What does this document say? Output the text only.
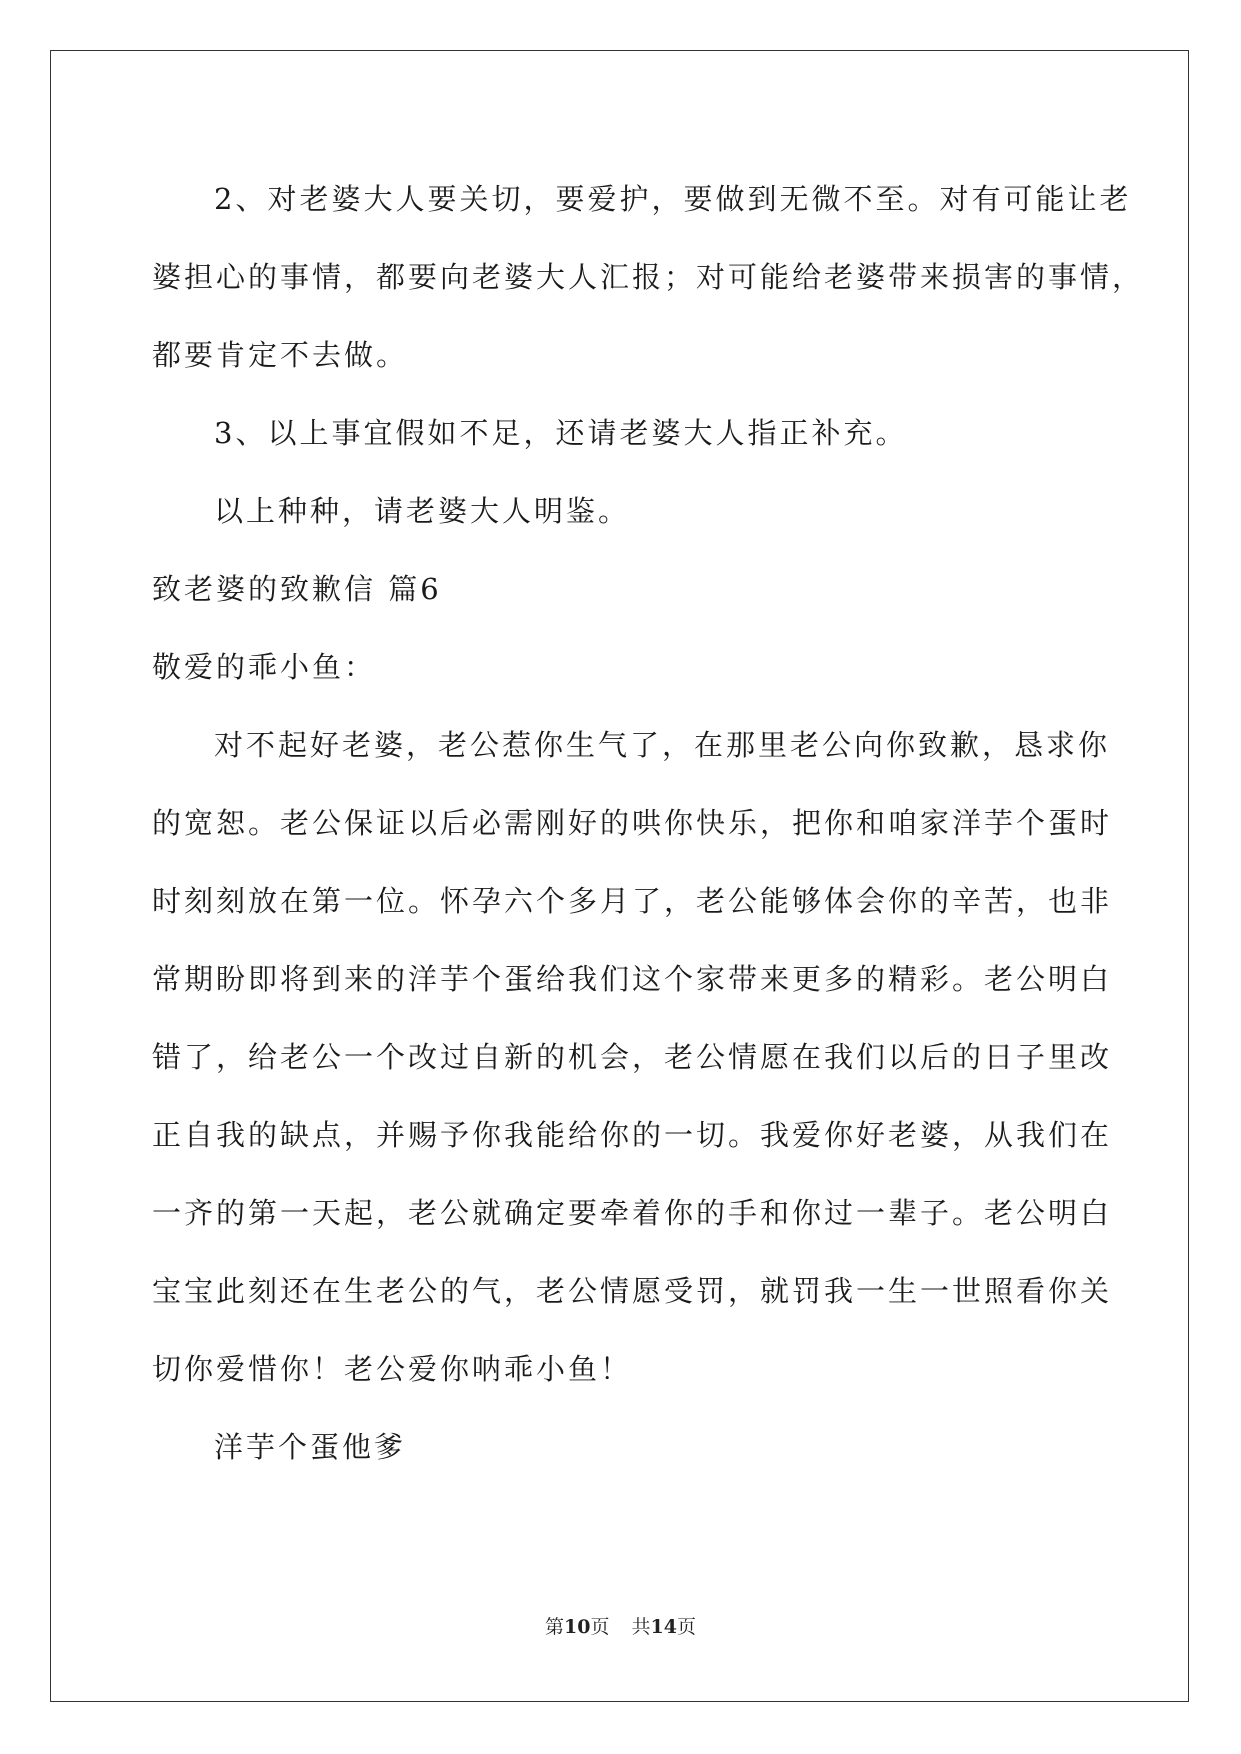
2、对老婆大人要关切，要爱护，要做到无微不至。对有可能让老

婆担心的事情，都要向老婆大人汇报；对可能给老婆带来损害的事情，

都要肯定不去做。

3、以上事宜假如不足，还请老婆大人指正补充。

以上种种，请老婆大人明鉴。

致老婆的致歉信 篇6

敬爱的乖小鱼：

对不起好老婆，老公惹你生气了，在那里老公向你致歉，恳求你

的宽恕。老公保证以后必需刚好的哄你快乐，把你和咱家洋芋个蛋时

时刻刻放在第一位。怀孕六个多月了，老公能够体会你的辛苦，也非

常期盼即将到来的洋芋个蛋给我们这个家带来更多的精彩。老公明白

错了，给老公一个改过自新的机会，老公情愿在我们以后的日子里改

正自我的缺点，并赐予你我能给你的一切。我爱你好老婆，从我们在

一齐的第一天起，老公就确定要牵着你的手和你过一辈子。老公明白

宝宝此刻还在生老公的气，老公情愿受罚，就罚我一生一世照看你关

切你爱惜你！老公爱你呐乖小鱼！

洋芋个蛋他爹

第10页 共14页
